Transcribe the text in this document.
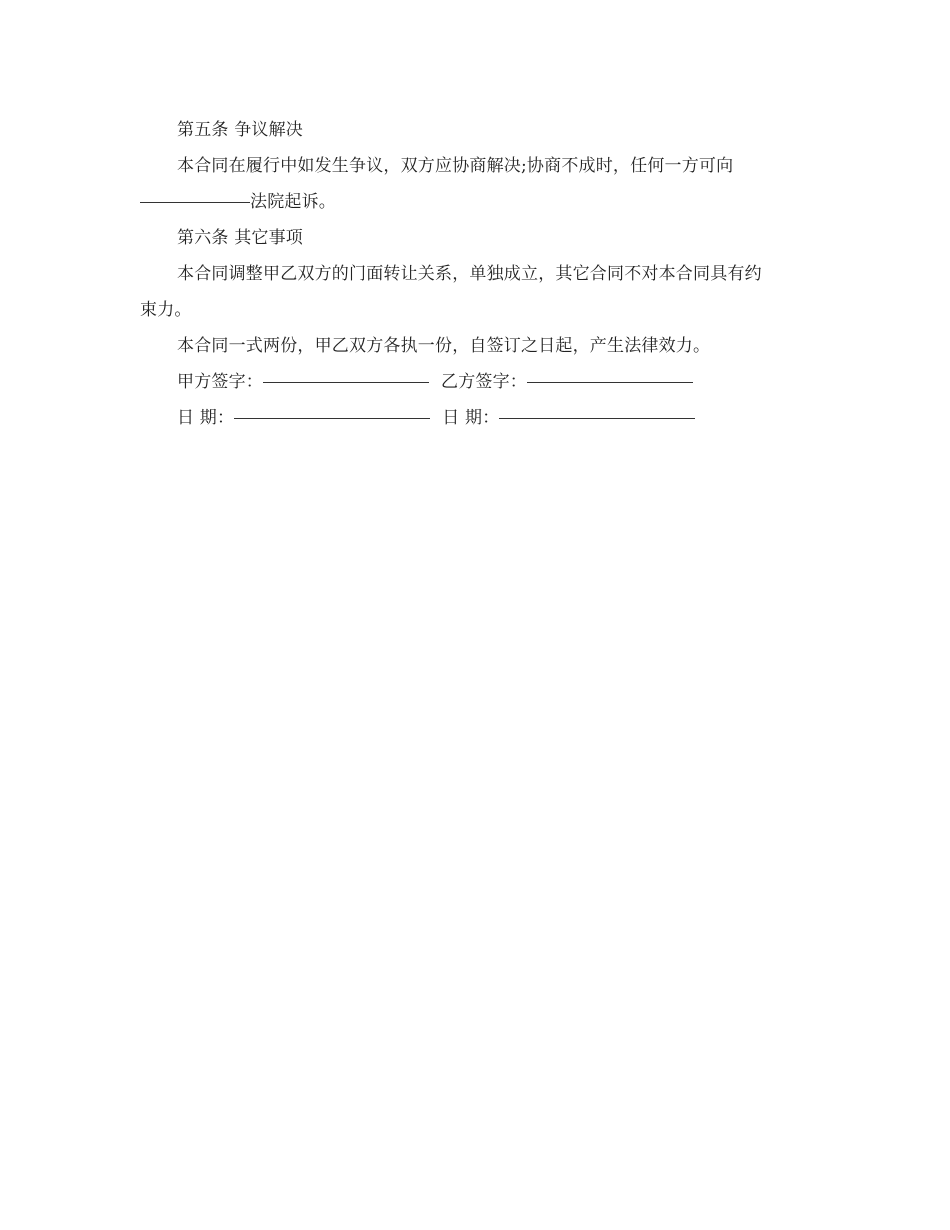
第五条 争议解决

本合同在履行中如发生争议，双方应协商解决;协商不成时，任何一方可向

法院起诉。

第六条 其它事项

本合同调整甲乙双方的门面转让关系，单独成立，其它合同不对本合同具有约

束力。

本合同一式两份，甲乙双方各执一份，自签订之日起，产生法律效力。

甲方签字：	乙方签字：

日 期：	日 期：
